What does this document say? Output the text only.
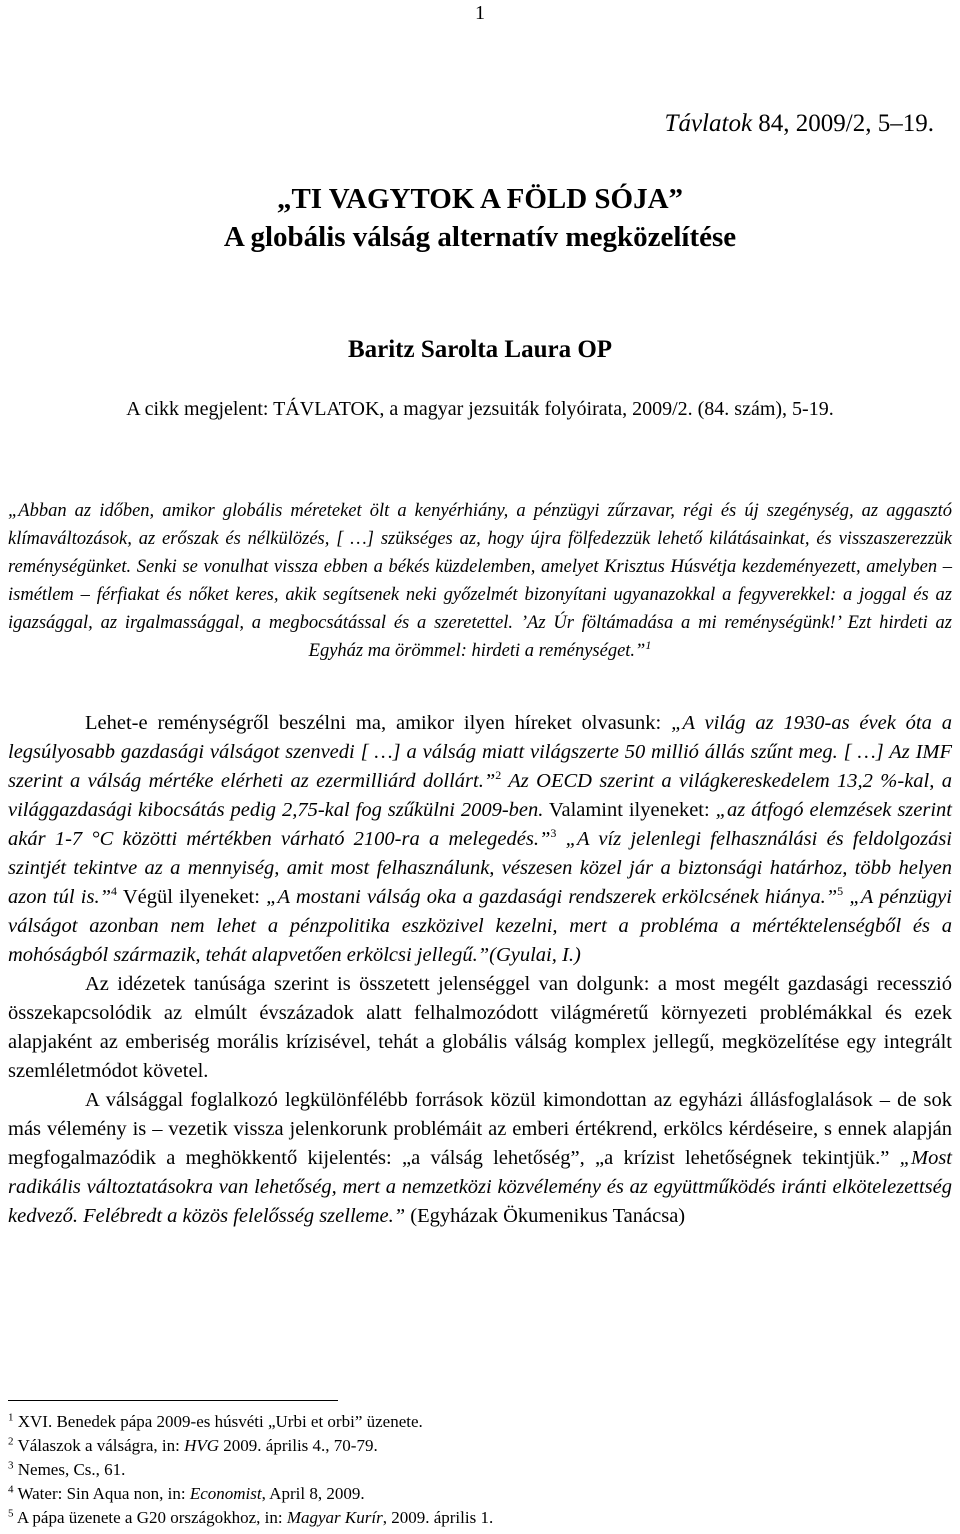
1
Távlatok 84, 2009/2, 5–19.
„TI VAGYTOK A FÖLD SÓJA”
A globális válság alternatív megközelítése
Baritz Sarolta Laura OP
A cikk megjelent: TÁVLATOK, a magyar jezsuiták folyóirata, 2009/2. (84. szám), 5-19.
„Abban az időben, amikor globális méreteket ölt a kenyérhiány, a pénzügyi zűrzavar, régi és új szegénység, az aggasztó klímaváltozások, az erőszak és nélkülözés, [ …] szükséges az, hogy újra fölfedezzük lehető kilátásainkat, és visszaszerezzük reménységünket. Senki se vonulhat vissza ebben a békés küzdelemben, amelyet Krisztus Húsvétja kezdeményezett, amelyben – ismétlem – férfiakat és nőket keres, akik segítsenek neki győzelmét bizonyítani ugyanazokkal a fegyverekkel: a joggal és az igazsággal, az irgalmassággal, a megbocsátással és a szeretettel. ’Az Úr föltámadása a mi reménységünk!’ Ezt hirdeti az Egyház ma örömmel: hirdeti a reménységet.”$^1$

Lehet-e reménységről beszélni ma, amikor ilyen híreket olvasunk: „A világ az 1930-as évek óta a legsúlyosabb gazdasági válságot szenvedi [ …] a válság miatt világszerte 50 millió állás szűnt meg. [ …] Az IMF szerint a válság mértéke elérheti az ezermilliárd dollárt.”$^2$ Az OECD szerint a világkereskedelem 13,2 %-kal, a világgazdasági kibocsátás pedig 2,75-kal fog szűkülni 2009-ben. Valamint ilyeneket: „az átfogó elemzések szerint akár 1-7 °C közötti mértékben várható 2100-ra a melegedés.”$^3$ „A víz jelenlegi felhasználási és feldolgozási szintjét tekintve az a mennyiség, amit most felhasználunk, vészesen közel jár a biztonsági határhoz, több helyen azon túl is.”$^4$ Végül ilyeneket: „A mostani válság oka a gazdasági rendszerek erkölcsének hiánya.”$^5$ „A pénzügyi válságot azonban nem lehet a pénzpolitika eszközivel kezelni, mert a probléma a mértéktelenségből és a mohóságból származik, tehát alapvetően erkölcsi jellegű.”(Gyulai, I.)

Az idézetek tanúsága szerint is összetett jelenséggel van dolgunk: a most megélt gazdasági recesszió összekapcsolódik az elmúlt évszázadok alatt felhalmozódott világméretű környezeti problémákkal és ezek alapjaként az emberiség morális krízisével, tehát a globális válság komplex jellegű, megközelítése egy integrált szemléletmódot követel.

A válsággal foglalkozó legkülönfélébb források közül kimondottan az egyházi állásfoglalások – de sok más vélemény is – vezetik vissza jelenkorunk problémáit az emberi értékrend, erkölcs kérdéseire, s ennek alapján megfogalmazódik a meghökkentő kijelentés: „a válság lehetőség”, „a krízist lehetőségnek tekintjük.” „Most radikális változtatásokra van lehetőség, mert a nemzetközi közvélemény és az együttműködés iránti elkötelezettség kedvező. Felébredt a közös felelősség szelleme.” (Egyházak Ökumenikus Tanácsa)

$^1$ XVI. Benedek pápa 2009-es húsvéti „Urbi et orbi” üzenete.
$^2$ Válaszok a válságra, in: HVG 2009. április 4., 70-79.
$^3$ Nemes, Cs., 61.
$^4$ Water: Sin Aqua non, in: Economist, April 8, 2009.
$^5$ A pápa üzenete a G20 országokhoz, in: Magyar Kurír, 2009. április 1.
